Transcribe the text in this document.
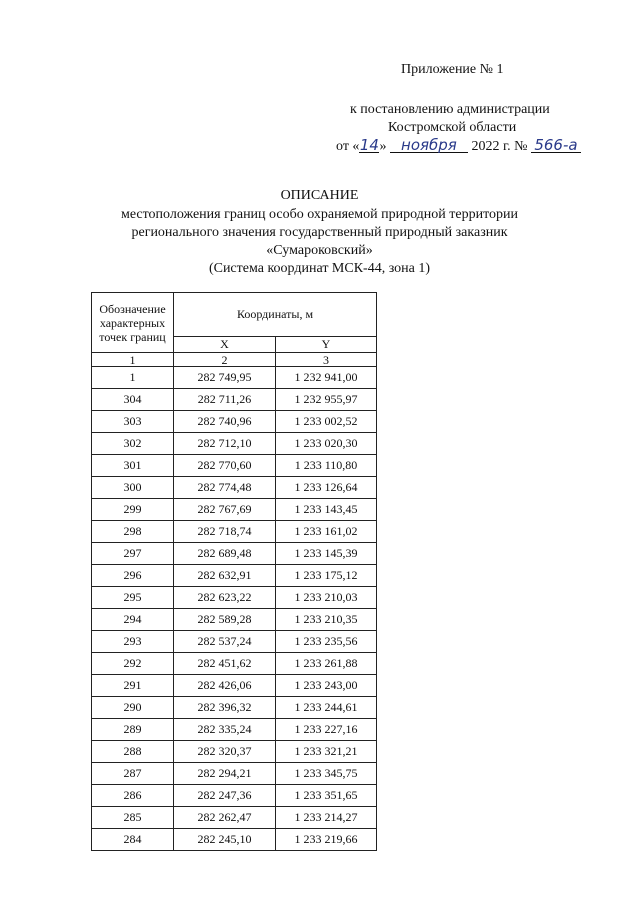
Приложение № 1
к постановлению администрации
Костромской области
от «14» ноября 2022 г. № 566-а
ОПИСАНИЕ
местоположения границ особо охраняемой природной территории
регионального значения государственный природный заказник
«Сумароковский»
(Система координат МСК-44, зона 1)
Обозначение характерных точек границ	Координаты, м	
	X	Y
1	2	3
1	282 749,95	1 232 941,00
304	282 711,26	1 232 955,97
303	282 740,96	1 233 002,52
302	282 712,10	1 233 020,30
301	282 770,60	1 233 110,80
300	282 774,48	1 233 126,64
299	282 767,69	1 233 143,45
298	282 718,74	1 233 161,02
297	282 689,48	1 233 145,39
296	282 632,91	1 233 175,12
295	282 623,22	1 233 210,03
294	282 589,28	1 233 210,35
293	282 537,24	1 233 235,56
292	282 451,62	1 233 261,88
291	282 426,06	1 233 243,00
290	282 396,32	1 233 244,61
289	282 335,24	1 233 227,16
288	282 320,37	1 233 321,21
287	282 294,21	1 233 345,75
286	282 247,36	1 233 351,65
285	282 262,47	1 233 214,27
284	282 245,10	1 233 219,66
